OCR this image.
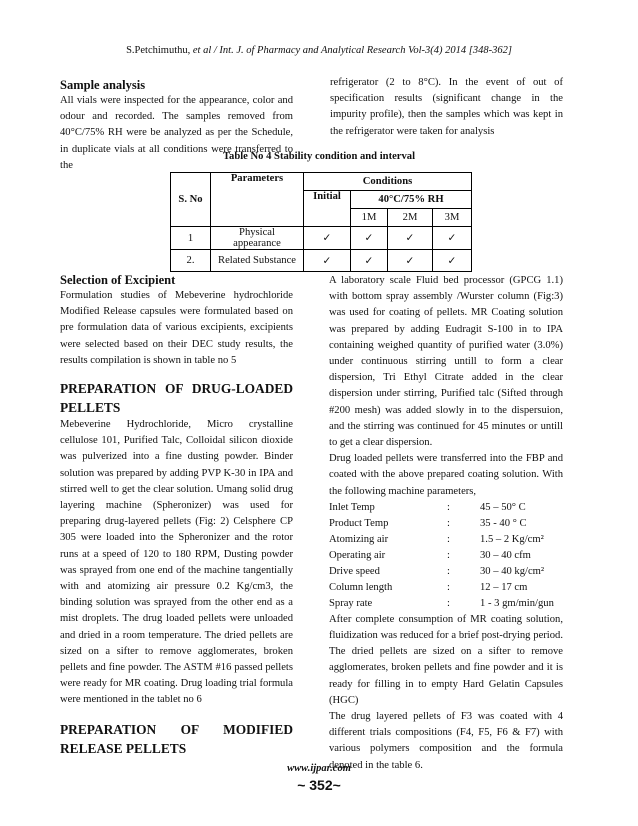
S.Petchimuthu, et al / Int. J. of Pharmacy and Analytical Research Vol-3(4) 2014 [348-362]

Sample analysis

All vials were inspected for the appearance, color and odour and recorded. The samples removed from 40°C/75% RH were be analyzed as per the Schedule, in duplicate vials at all conditions were transferred to the

refrigerator (2 to 8°C). In the event of out of specification results (significant change in the impurity profile), then the samples which was kept in the refrigerator were taken for analysis

Table No 4 Stability condition and interval
S. No	Parameters	Conditions			
		Initial	40°C/75% RH		
			1M	2M	3M
1	Physical appearance	✓	✓	✓	✓
2.	Related Substance	✓	✓	✓	✓

Selection of Excipient

Formulation studies of Mebeverine hydrochloride Modified Release capsules were formulated based on pre formulation data of various excipients, excipients were selected based on their DEC study results, the results compilation is shown in table no 5

PREPARATION OF DRUG-LOADED PELLETS

Mebeverine Hydrochloride, Micro crystalline cellulose 101, Purified Talc, Colloidal silicon dioxide was pulverized into a fine dusting powder. Binder solution was prepared by adding PVP K-30 in IPA and stirred well to get the clear solution. Umang solid drug layering machine (Spheronizer) was used for preparing drug-layered pellets (Fig: 2) Celsphere CP 305 were loaded into the Spheronizer and the rotor runs at a speed of 120 to 180 RPM, Dusting powder was sprayed from one end of the machine tangentially with and atomizing air pressure 0.2 Kg/cm3, the binding solution was sprayed from the other end as a mist droplets. The drug loaded pellets were unloaded and dried in a room temperature. The dried pellets are sized on a sifter to remove agglomerates, broken pellets and fine powder. The ASTM #16 passed pellets were ready for MR coating. Drug loading trial formula were mentioned in the tablet no 6

PREPARATION OF MODIFIED RELEASE PELLETS

A laboratory scale Fluid bed processor (GPCG 1.1) with bottom spray assembly /Wurster column (Fig:3) was used for coating of pellets. MR Coating solution was prepared by adding Eudragit S-100 in to IPA containing weighed quantity of purified water (3.0%) under continuous stirring untill to form a clear dispersion, Tri Ethyl Citrate added in the clear dispersion under stirring, Purified talc (Sifted through #200 mesh) was added slowly in to the dispersuion, and the stirring was continued for 45 minutes or untill to get a clear dispersion.

Drug loaded pellets were transferred into the FBP and coated with the above prepared coating solution. With the following machine parameters,

Inlet Temp	:	45 – 50° C
Product Temp	:	35 - 40 ° C
Atomizing air	:	1.5 – 2 Kg/cm²
Operating air	:	30 – 40 cfm
Drive speed	:	30 – 40 kg/cm²
Column length	:	12 – 17 cm
Spray rate	:	1 - 3 gm/min/gun

After complete consumption of MR coating solution, fluidization was reduced for a brief post-drying period. The dried pellets are sized on a sifter to remove agglomerates, broken pellets and fine powder and it is ready for filling in to empty Hard Gelatin Capsules (HGC)

The drug layered pellets of F3 was coated with 4 different trials compositions (F4, F5, F6 & F7) with various polymers composition and the formula denoted in the table 6.

www.ijpar.com
~ 352~
